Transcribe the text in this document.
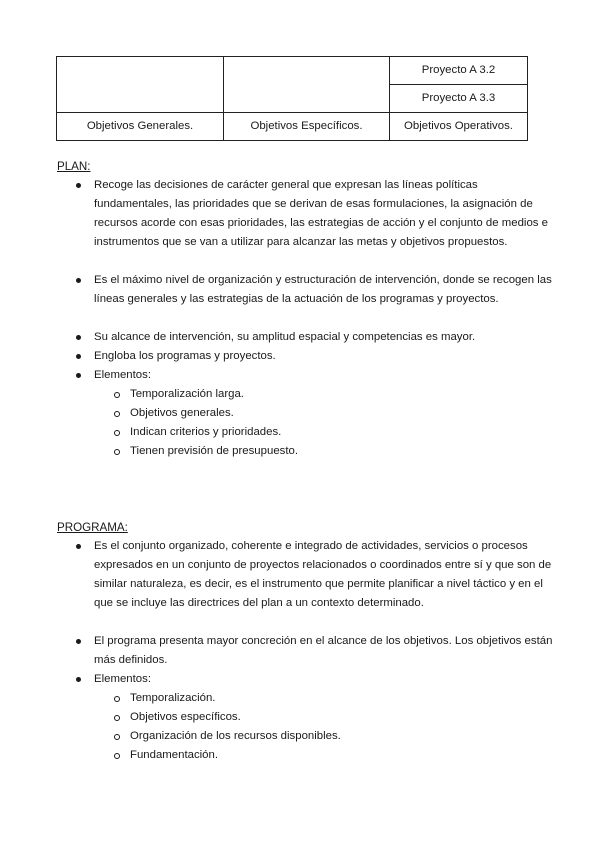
		Proyecto A 3.2
		Proyecto A 3.3
Objetivos Generales.	Objetivos Específicos.	Objetivos Operativos.

PLAN:

Recoge las decisiones de carácter general que expresan las líneas políticas fundamentales, las prioridades que se derivan de esas formulaciones, la asignación de recursos acorde con esas prioridades, las estrategias de acción y el conjunto de medios e instrumentos que se van a utilizar para alcanzar las metas y objetivos propuestos.
Es el máximo nivel de organización y estructuración de intervención, donde se recogen las líneas generales y las estrategias de la actuación de los programas y proyectos.
Su alcance de intervención, su amplitud espacial y competencias es mayor.
Engloba los programas y proyectos.
Elementos:
Temporalización larga.
Objetivos generales.
Indican criterios y prioridades.
Tienen previsión de presupuesto.

PROGRAMA:

Es el conjunto organizado, coherente e integrado de actividades, servicios o procesos expresados en un conjunto de proyectos relacionados o coordinados entre sí y que son de similar naturaleza, es decir, es el instrumento que permite planificar a nivel táctico y en el que se incluye las directrices del plan a un contexto determinado.
El programa presenta mayor concreción en el alcance de los objetivos. Los objetivos están más definidos.
Elementos:
Temporalización.
Objetivos específicos.
Organización de los recursos disponibles.
Fundamentación.
